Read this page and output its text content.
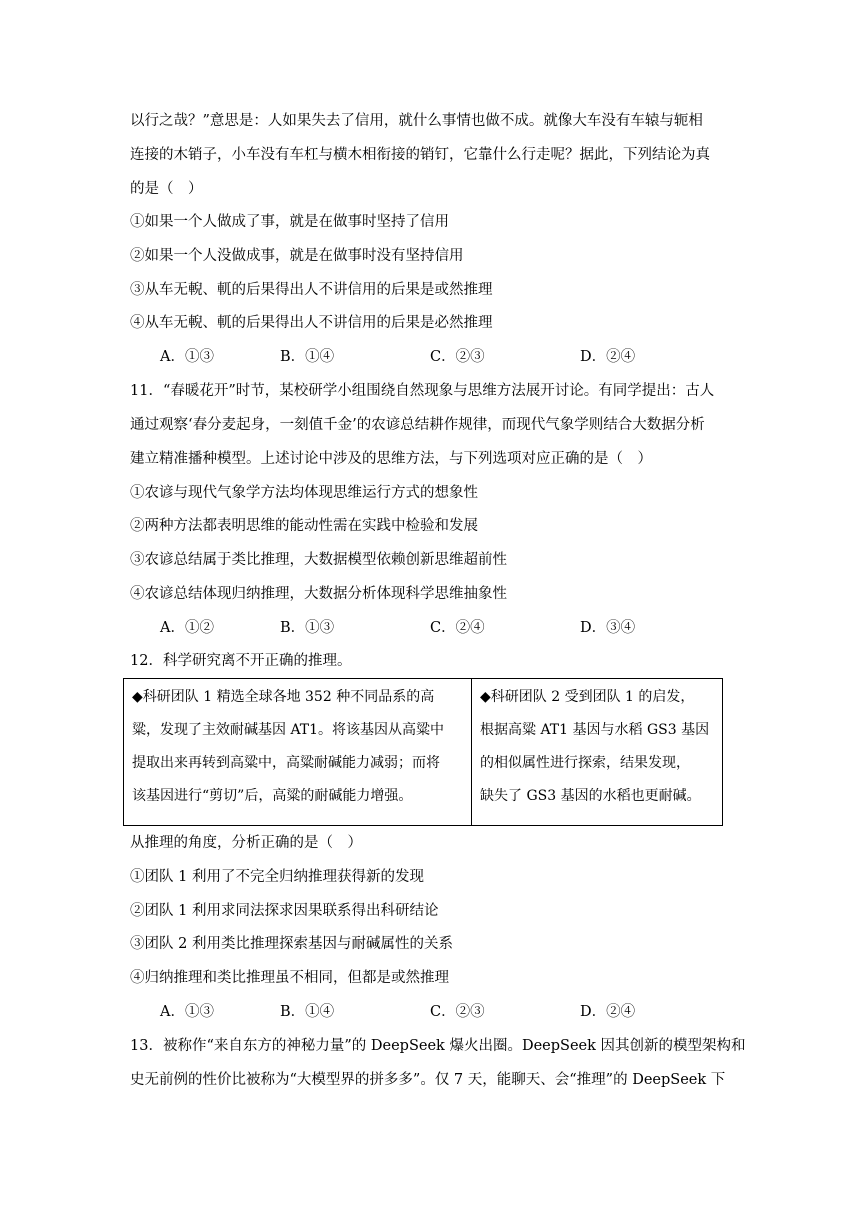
以行之哉？”意思是：人如果失去了信用，就什么事情也做不成。就像大车没有车辕与轭相
连接的木销子，小车没有车杠与横木相衔接的销钉，它靠什么行走呢？据此，下列结论为真
的是（　）
①如果一个人做成了事，就是在做事时坚持了信用
②如果一个人没做成事，就是在做事时没有坚持信用
③从车无輗、軏的后果得出人不讲信用的后果是或然推理
④从车无輗、軏的后果得出人不讲信用的后果是必然推理
A．①③	B．①④	C．②③	D．②④
11．“春暖花开”时节，某校研学小组围绕自然现象与思维方法展开讨论。有同学提出：古人
通过观察‘春分麦起身，一刻值千金’的农谚总结耕作规律，而现代气象学则结合大数据分析
建立精准播种模型。上述讨论中涉及的思维方法，与下列选项对应正确的是（　）
①农谚与现代气象学方法均体现思维运行方式的想象性
②两种方法都表明思维的能动性需在实践中检验和发展
③农谚总结属于类比推理，大数据模型依赖创新思维超前性
④农谚总结体现归纳推理，大数据分析体现科学思维抽象性
A．①②	B．①③	C．②④	D．③④
12．科学研究离不开正确的推理。
◆科研团队 1 精选全球各地 352 种不同品系的高
粱，发现了主效耐碱基因 AT1。将该基因从高粱中
提取出来再转到高粱中，高粱耐碱能力减弱；而将
该基因进行“剪切”后，高粱的耐碱能力增强。
◆科研团队 2 受到团队 1 的启发，
根据高粱 AT1 基因与水稻 GS3 基因
的相似属性进行探索，结果发现，
缺失了 GS3 基因的水稻也更耐碱。
从推理的角度，分析正确的是（　）
①团队 1 利用了不完全归纳推理获得新的发现
②团队 1 利用求同法探求因果联系得出科研结论
③团队 2 利用类比推理探索基因与耐碱属性的关系
④归纳推理和类比推理虽不相同，但都是或然推理
A．①③	B．①④	C．②③	D．②④
13．被称作“来自东方的神秘力量”的 DeepSeek 爆火出圈。DeepSeek 因其创新的模型架构和
史无前例的性价比被称为“大模型界的拼多多”。仅 7 天，能聊天、会“推理”的 DeepSeek 下
